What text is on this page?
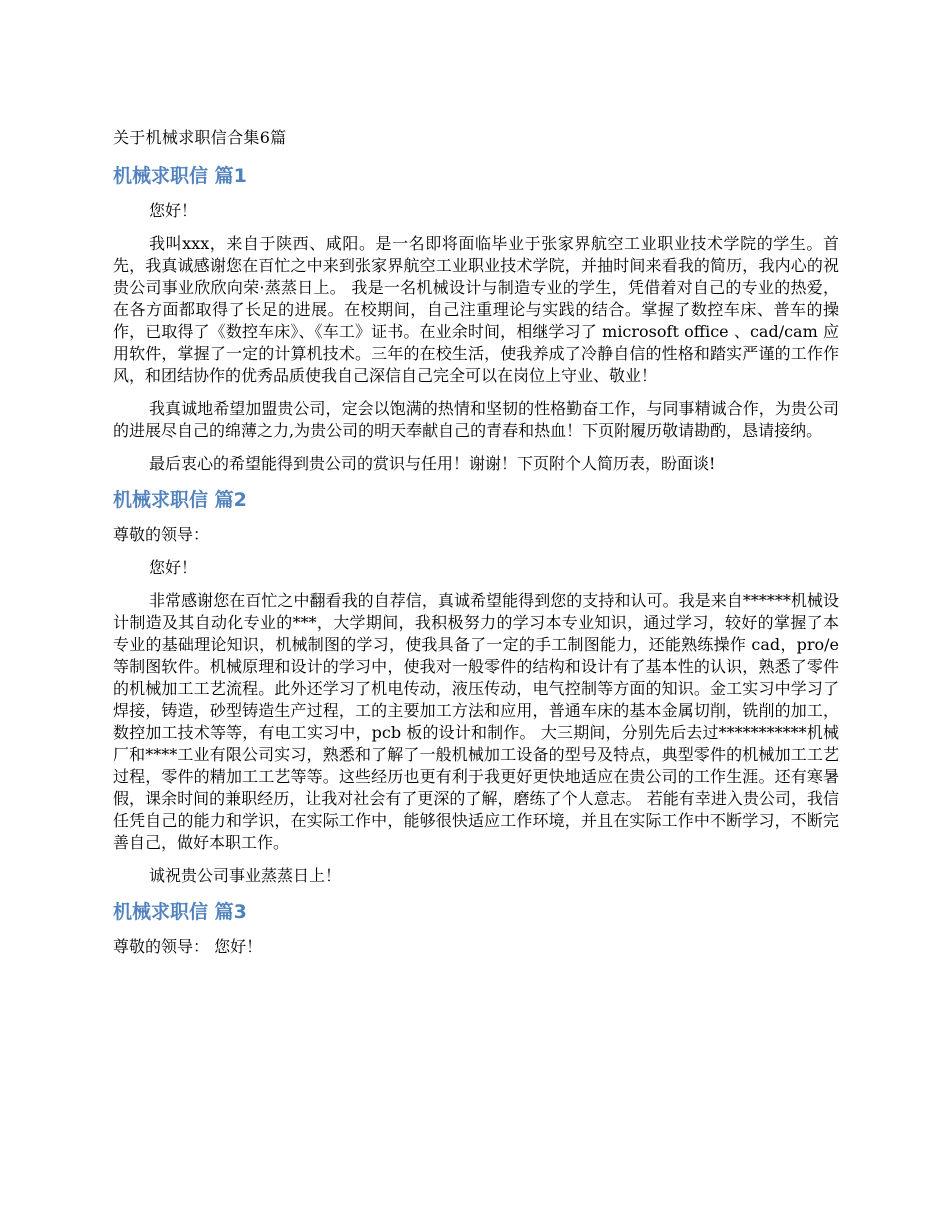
关于机械求职信合集6篇
机械求职信 篇1

您好！

我叫xxx，来自于陕西、咸阳。是一名即将面临毕业于张家界航空工业职业技术学院的学生。首先，我真诚感谢您在百忙之中来到张家界航空工业职业技术学院，并抽时间来看我的简历，我内心的祝贵公司事业欣欣向荣·蒸蒸日上。 我是一名机械设计与制造专业的学生，凭借着对自己的专业的热爱，在各方面都取得了长足的进展。在校期间，自己注重理论与实践的结合。掌握了数控车床、普车的操作，已取得了《数控车床》、《车工》证书。在业余时间，相继学习了 microsoft office 、cad/cam 应用软件，掌握了一定的计算机技术。三年的在校生活，使我养成了冷静自信的性格和踏实严谨的工作作风，和团结协作的优秀品质使我自己深信自己完全可以在岗位上守业、敬业！

我真诚地希望加盟贵公司，定会以饱满的热情和坚韧的性格勤奋工作，与同事精诚合作，为贵公司的进展尽自己的绵薄之力,为贵公司的明天奉献自己的青春和热血！下页附履历敬请勘酌，恳请接纳。

最后衷心的希望能得到贵公司的赏识与任用！谢谢！下页附个人简历表，盼面谈!

机械求职信 篇2

尊敬的领导：

您好！

非常感谢您在百忙之中翻看我的自荐信，真诚希望能得到您的支持和认可。我是来自******机械设计制造及其自动化专业的***，大学期间，我积极努力的学习本专业知识，通过学习，较好的掌握了本专业的基础理论知识，机械制图的学习，使我具备了一定的手工制图能力，还能熟练操作 cad，pro/e 等制图软件。机械原理和设计的学习中，使我对一般零件的结构和设计有了基本性的认识，熟悉了零件的机械加工工艺流程。此外还学习了机电传动，液压传动，电气控制等方面的知识。金工实习中学习了焊接，铸造，砂型铸造生产过程，工的主要加工方法和应用，普通车床的基本金属切削，铣削的加工，数控加工技术等等，有电工实习中，pcb 板的设计和制作。 大三期间，分别先后去过***********机械厂和****工业有限公司实习，熟悉和了解了一般机械加工设备的型号及特点，典型零件的机械加工工艺过程，零件的精加工工艺等等。这些经历也更有利于我更好更快地适应在贵公司的工作生涯。还有寒暑假，课余时间的兼职经历，让我对社会有了更深的了解，磨练了个人意志。 若能有幸进入贵公司，我信任凭自己的能力和学识，在实际工作中，能够很快适应工作环境，并且在实际工作中不断学习，不断完善自己，做好本职工作。

诚祝贵公司事业蒸蒸日上！

机械求职信 篇3

尊敬的领导： 您好！
